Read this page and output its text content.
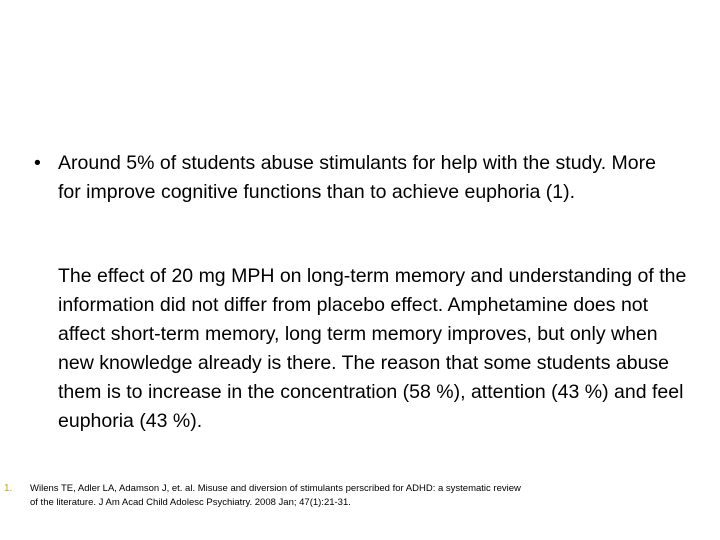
• Around 5% of students abuse stimulants for help with the study. More for improve cognitive functions than to achieve euphoria (1).
The effect of 20 mg MPH on long-term memory and understanding of the information did not differ from placebo effect. Amphetamine does not affect short-term memory, long term memory improves, but only when new knowledge already is there. The reason that some students abuse them is to increase in the concentration (58 %), attention (43 %) and feel euphoria (43 %).
1.	Wilens TE, Adler LA, Adamson J, et. al. Misuse and diversion of stimulants perscribed for ADHD: a systematic review of the literature. J Am Acad Child Adolesc Psychiatry. 2008 Jan; 47(1):21-31.
